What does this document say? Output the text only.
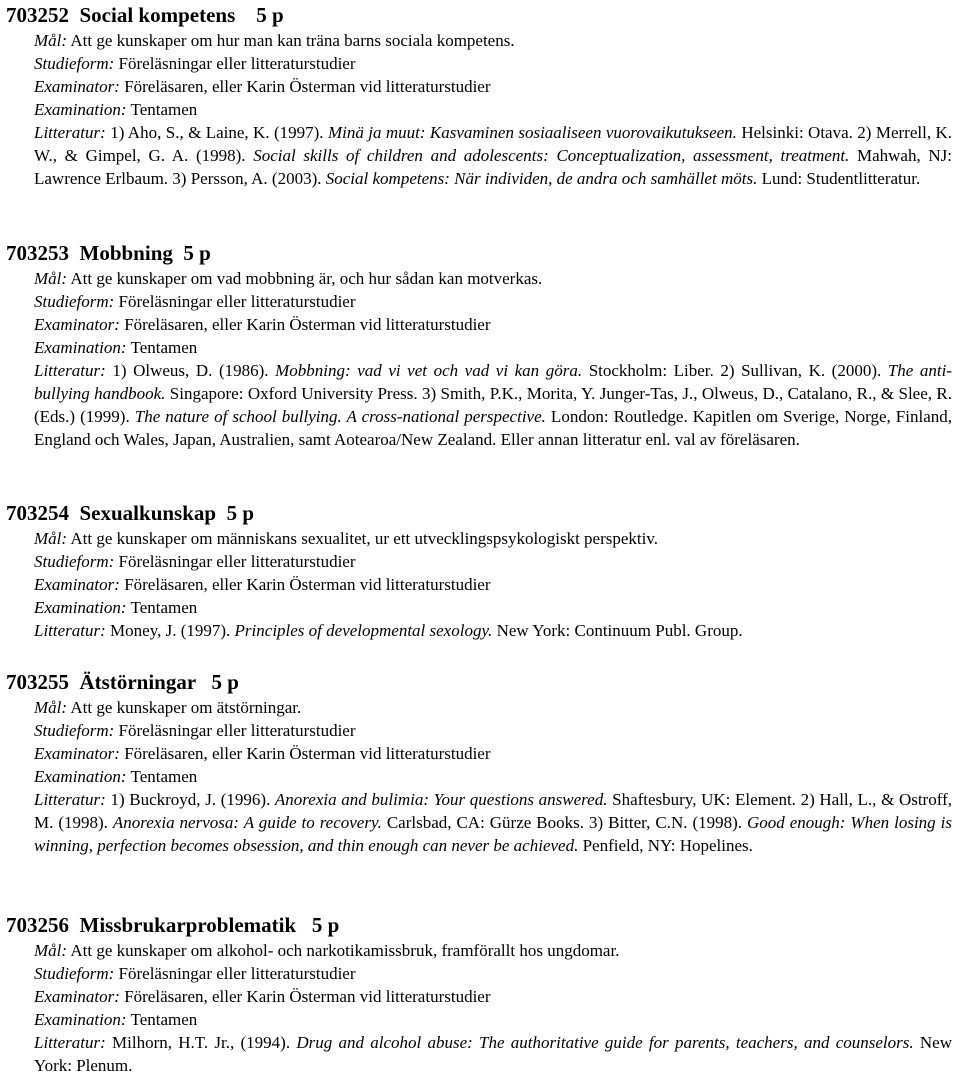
703252  Social kompetens    5 p

Mål: Att ge kunskaper om hur man kan träna barns sociala kompetens.

Studieform: Föreläsningar eller litteraturstudier

Examinator: Föreläsaren, eller Karin Österman vid litteraturstudier

Examination: Tentamen

Litteratur: 1) Aho, S., & Laine, K. (1997). Minä ja muut: Kasvaminen sosiaaliseen vuorovaikutukseen. Helsinki: Otava. 2) Merrell, K. W., & Gimpel, G. A. (1998). Social skills of children and adolescents: Conceptualization, assessment, treatment. Mahwah, NJ: Lawrence Erlbaum. 3) Persson, A. (2003). Social kompetens: När individen, de andra och samhället möts. Lund: Studentlitteratur.

703253  Mobbning  5 p

Mål: Att ge kunskaper om vad mobbning är, och hur sådan kan motverkas.

Studieform: Föreläsningar eller litteraturstudier

Examinator: Föreläsaren, eller Karin Österman vid litteraturstudier

Examination: Tentamen

Litteratur: 1) Olweus, D. (1986). Mobbning: vad vi vet och vad vi kan göra. Stockholm: Liber. 2) Sullivan, K. (2000). The anti-bullying handbook. Singapore: Oxford University Press. 3) Smith, P.K., Morita, Y. Junger-Tas, J., Olweus, D., Catalano, R., & Slee, R. (Eds.) (1999). The nature of school bullying. A cross-national perspective. London: Routledge. Kapitlen om Sverige, Norge, Finland, England och Wales, Japan, Australien, samt Aotearoa/New Zealand. Eller annan litteratur enl. val av föreläsaren.

703254  Sexualkunskap  5 p

Mål: Att ge kunskaper om människans sexualitet, ur ett utvecklingspsykologiskt perspektiv.

Studieform: Föreläsningar eller litteraturstudier

Examinator: Föreläsaren, eller Karin Österman vid litteraturstudier

Examination: Tentamen

Litteratur: Money, J. (1997). Principles of developmental sexology. New York: Continuum Publ. Group.

703255  Ätstörningar   5 p

Mål: Att ge kunskaper om ätstörningar.

Studieform: Föreläsningar eller litteraturstudier

Examinator: Föreläsaren, eller Karin Österman vid litteraturstudier

Examination: Tentamen

Litteratur: 1) Buckroyd, J. (1996). Anorexia and bulimia: Your questions answered. Shaftesbury, UK: Element. 2) Hall, L., & Ostroff, M. (1998). Anorexia nervosa: A guide to recovery. Carlsbad, CA: Gürze Books. 3) Bitter, C.N. (1998). Good enough: When losing is winning, perfection becomes obsession, and thin enough can never be achieved. Penfield, NY: Hopelines.

703256  Missbrukarproblematik   5 p

Mål: Att ge kunskaper om alkohol- och narkotikamissbruk, framförallt hos ungdomar.

Studieform: Föreläsningar eller litteraturstudier

Examinator: Föreläsaren, eller Karin Österman vid litteraturstudier

Examination: Tentamen

Litteratur: Milhorn, H.T. Jr., (1994). Drug and alcohol abuse: The authoritative guide for parents, teachers, and counselors. New York: Plenum.
